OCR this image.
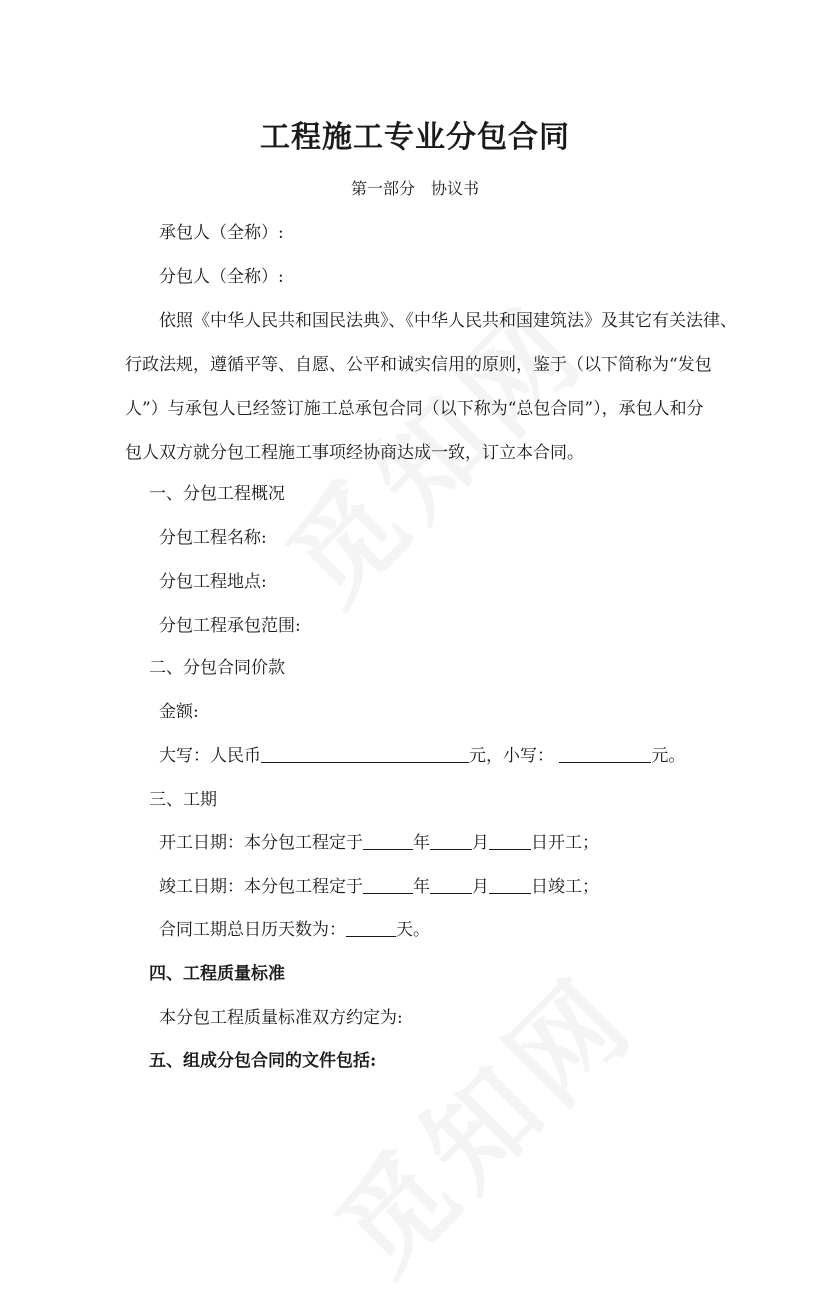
工程施工专业分包合同

第一部分　协议书

承包人（全称）:

分包人（全称）:

依照《中华人民共和国民法典》、《中华人民共和国建筑法》及其它有关法律、

行政法规，遵循平等、自愿、公平和诚实信用的原则，鉴于（以下简称为“发包

人”）与承包人已经签订施工总承包合同（以下称为“总包合同”），承包人和分

包人双方就分包工程施工事项经协商达成一致，订立本合同。

一、分包工程概况

分包工程名称:

分包工程地点:

分包工程承包范围:

二、分包合同价款

金额:

大写：人民币	元，小写：	元。

三、工期

开工日期：本分包工程定于	年 月 日开工；

竣工日期：本分包工程定于	年 月 日竣工；

合同工期总日历天数为：	天。

四、工程质量标准

本分包工程质量标准双方约定为:

五、组成分包合同的文件包括:
